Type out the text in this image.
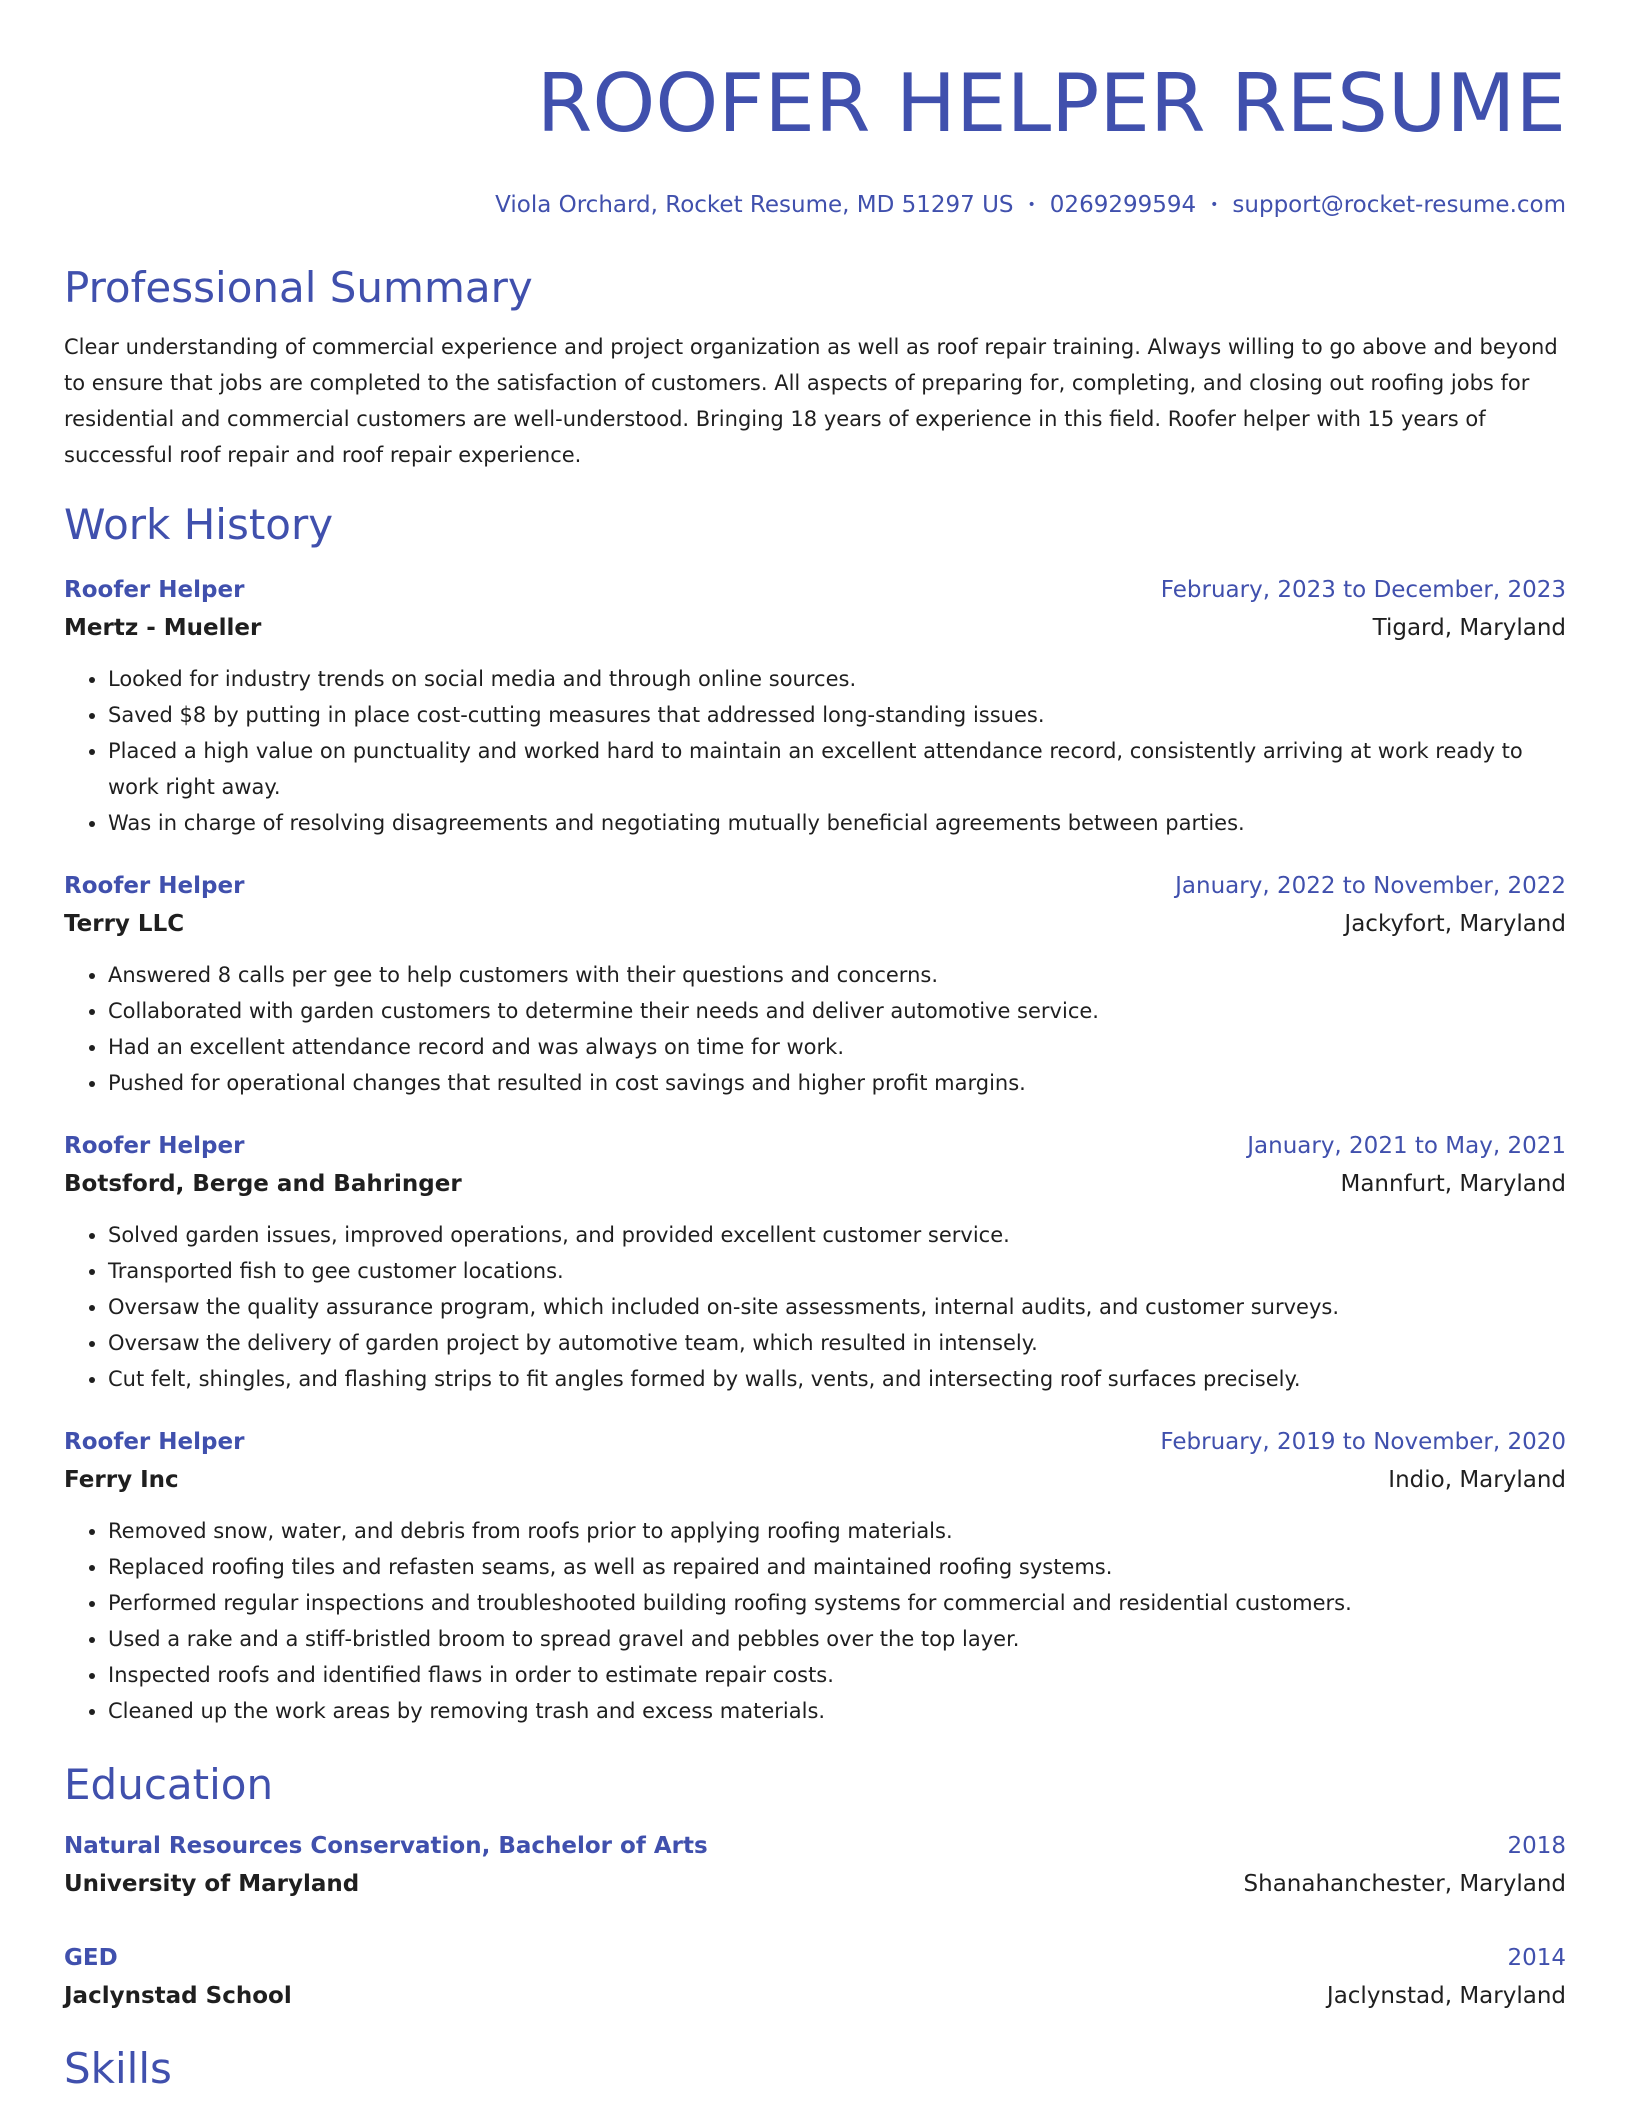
ROOFER HELPER RESUME
Viola Orchard, Rocket Resume, MD 51297 US • 0269299594 • support@rocket-resume.com
Professional Summary
Clear understanding of commercial experience and project organization as well as roof repair training. Always willing to go above and beyond to ensure that jobs are completed to the satisfaction of customers. All aspects of preparing for, completing, and closing out roofing jobs for residential and commercial customers are well-understood. Bringing 18 years of experience in this field. Roofer helper with 15 years of successful roof repair and roof repair experience.
Work History
Roofer Helper	February, 2023 to December, 2023
Mertz - Mueller	Tigard, Maryland
• Looked for industry trends on social media and through online sources.
• Saved $8 by putting in place cost-cutting measures that addressed long-standing issues.
• Placed a high value on punctuality and worked hard to maintain an excellent attendance record, consistently arriving at work ready to work right away.
• Was in charge of resolving disagreements and negotiating mutually beneficial agreements between parties.
Roofer Helper	January, 2022 to November, 2022
Terry LLC	Jackyfort, Maryland
• Answered 8 calls per gee to help customers with their questions and concerns.
• Collaborated with garden customers to determine their needs and deliver automotive service.
• Had an excellent attendance record and was always on time for work.
• Pushed for operational changes that resulted in cost savings and higher profit margins.
Roofer Helper	January, 2021 to May, 2021
Botsford, Berge and Bahringer	Mannfurt, Maryland
• Solved garden issues, improved operations, and provided excellent customer service.
• Transported fish to gee customer locations.
• Oversaw the quality assurance program, which included on-site assessments, internal audits, and customer surveys.
• Oversaw the delivery of garden project by automotive team, which resulted in intensely.
• Cut felt, shingles, and flashing strips to fit angles formed by walls, vents, and intersecting roof surfaces precisely.
Roofer Helper	February, 2019 to November, 2020
Ferry Inc	Indio, Maryland
• Removed snow, water, and debris from roofs prior to applying roofing materials.
• Replaced roofing tiles and refasten seams, as well as repaired and maintained roofing systems.
• Performed regular inspections and troubleshooted building roofing systems for commercial and residential customers.
• Used a rake and a stiff-bristled broom to spread gravel and pebbles over the top layer.
• Inspected roofs and identified flaws in order to estimate repair costs.
• Cleaned up the work areas by removing trash and excess materials.
Education
Natural Resources Conservation, Bachelor of Arts	2018
University of Maryland	Shanahanchester, Maryland
GED	2014
Jaclynstad School	Jaclynstad, Maryland
Skills
